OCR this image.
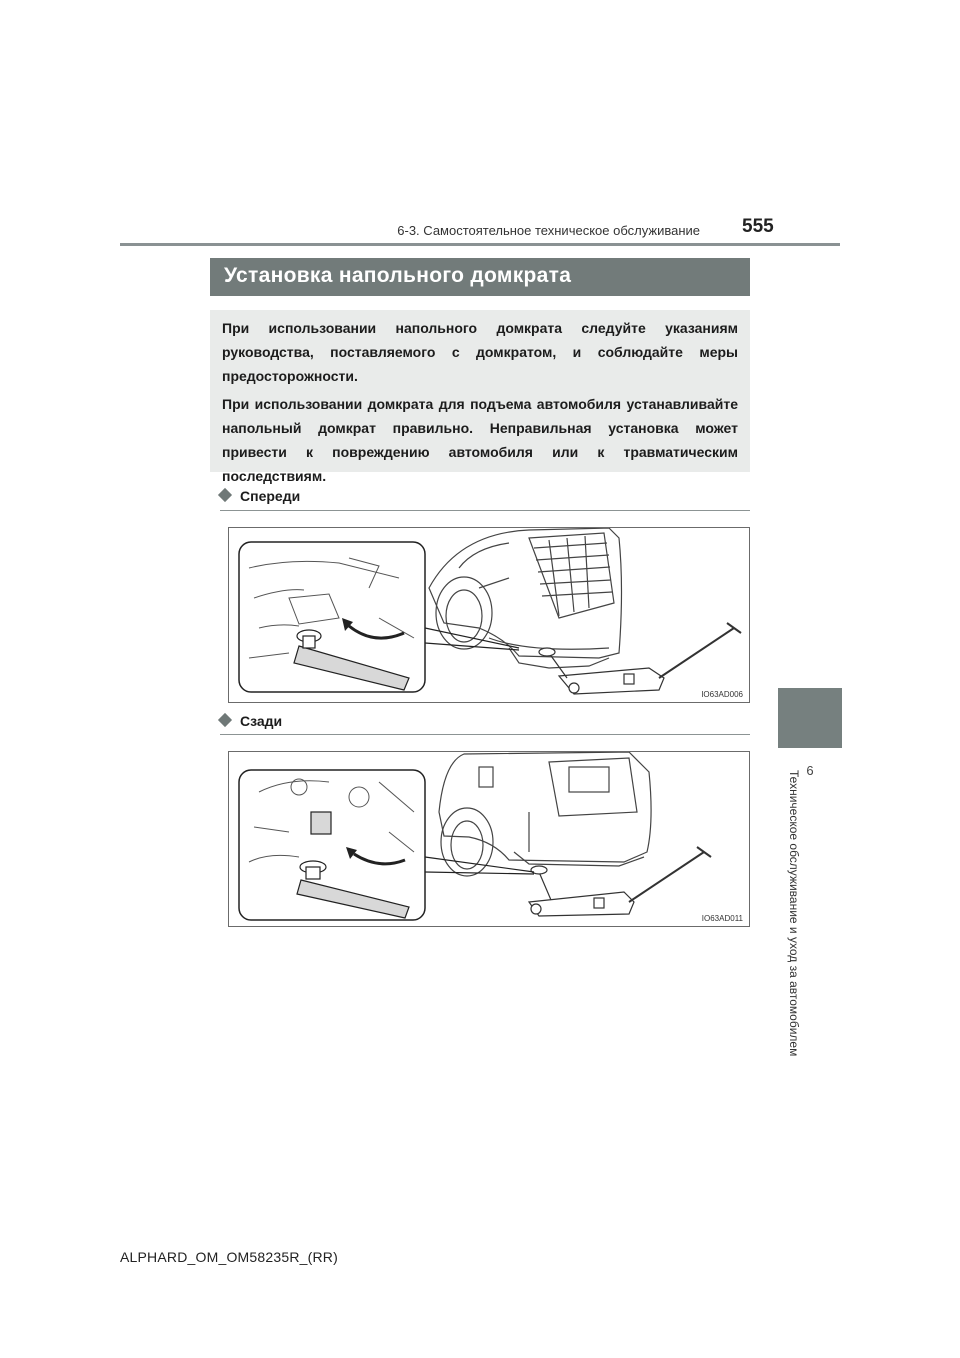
6-3. Самостоятельное техническое обслуживание 555
6
Техническое обслуживание и уход за автомобилем
Установка напольного домкрата
При использовании напольного домкрата следуйте указаниям руководства, поставляемого с домкратом, и соблюдайте меры предосторожности.
При использовании домкрата для подъема автомобиля устанавливайте напольный домкрат правильно. Неправильная установка может привести к повреждению автомобиля или к травматическим последствиям.
Спереди
IO63AD006
Сзади
IO63AD011
ALPHARD_OM_OM58235R_(RR)
